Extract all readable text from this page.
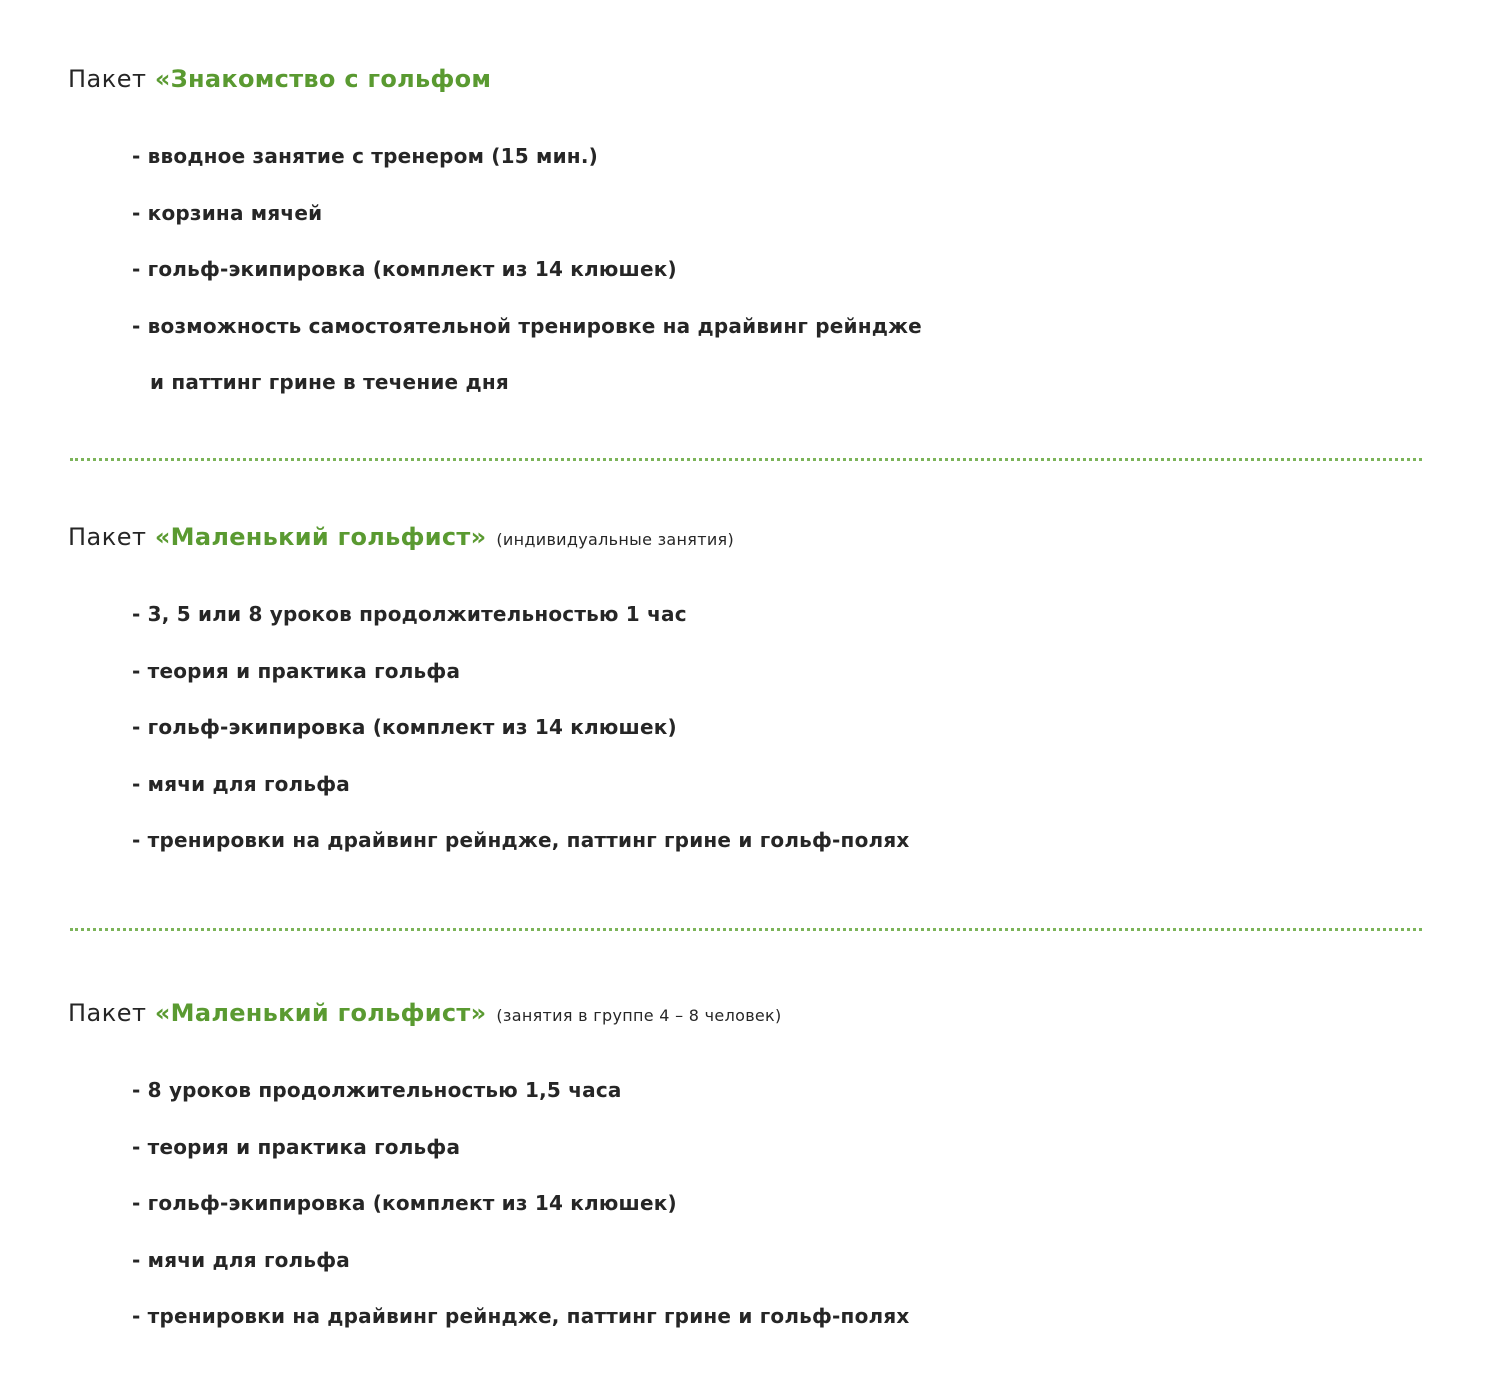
Пакет «Знакомство с гольфом
- вводное занятие с тренером (15 мин.)
- корзина мячей
- гольф-экипировка (комплект из 14 клюшек)
- возможность самостоятельной тренировке на драйвинг рейндже
и паттинг грине в течение дня
Пакет «Маленький гольфист» (индивидуальные занятия)
- 3, 5 или 8 уроков продолжительностью 1 час
- теория и практика гольфа
- гольф-экипировка (комплект из 14 клюшек)
- мячи для гольфа
- тренировки на драйвинг рейндже, паттинг грине и гольф-полях
Пакет «Маленький гольфист» (занятия в группе 4 – 8 человек)
- 8 уроков продолжительностью 1,5 часа
- теория и практика гольфа
- гольф-экипировка (комплект из 14 клюшек)
- мячи для гольфа
- тренировки на драйвинг рейндже, паттинг грине и гольф-полях
